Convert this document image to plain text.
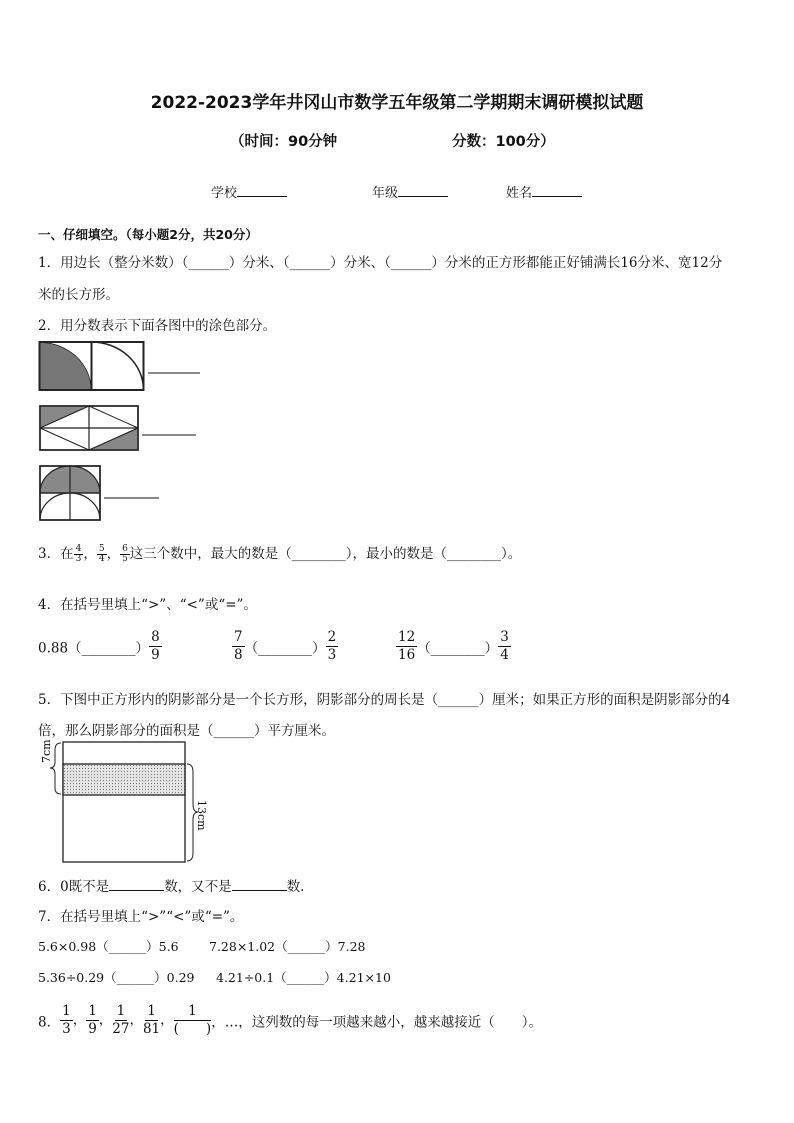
2022-2023学年井冈山市数学五年级第二学期期末调研模拟试题
（时间：90分钟	分数：100分）
学校	年级	姓名
一、仔细填空。（每小题2分，共20分）
1．用边长（整分米数）（______）分米、（______）分米、（______）分米的正方形都能正好铺满长16分米、宽12分
米的长方形。
2．用分数表示下面各图中的涂色部分。
3．在 $\frac{4}{3}$ ， $\frac{5}{4}$ ， $\frac{6}{5}$ 这三个数中，最大的数是（________），最小的数是（________）。
4．在括号里填上“>”、“<”或“=”。
0.88（________） $\frac{8}{9}$	$\frac{7}{8}$ （________） $\frac{2}{3}$	$\frac{12}{16}$ （________） $\frac{3}{4}$
5．下图中正方形内的阴影部分是一个长方形，阴影部分的周长是（______）厘米；如果正方形的面积是阴影部分的4
倍，那么阴影部分的面积是（______）平方厘米。
7cm
13cm
6．0既不是	数，又不是	数.
7．在括号里填上“>”“<”或“=”。
5.6×0.98（______）5.6 7.28×1.02（______）7.28
5.36÷0.29（______）0.29 4.21÷0.1（______）4.21×10
8． $\frac{1}{3}$ ， $\frac{1}{9}$ ， $\frac{1}{27}$ ， $\frac{1}{81}$ ， $\frac{1}{( )}$ ，…，这列数的每一项越来越小，越来越接近（　　）。
